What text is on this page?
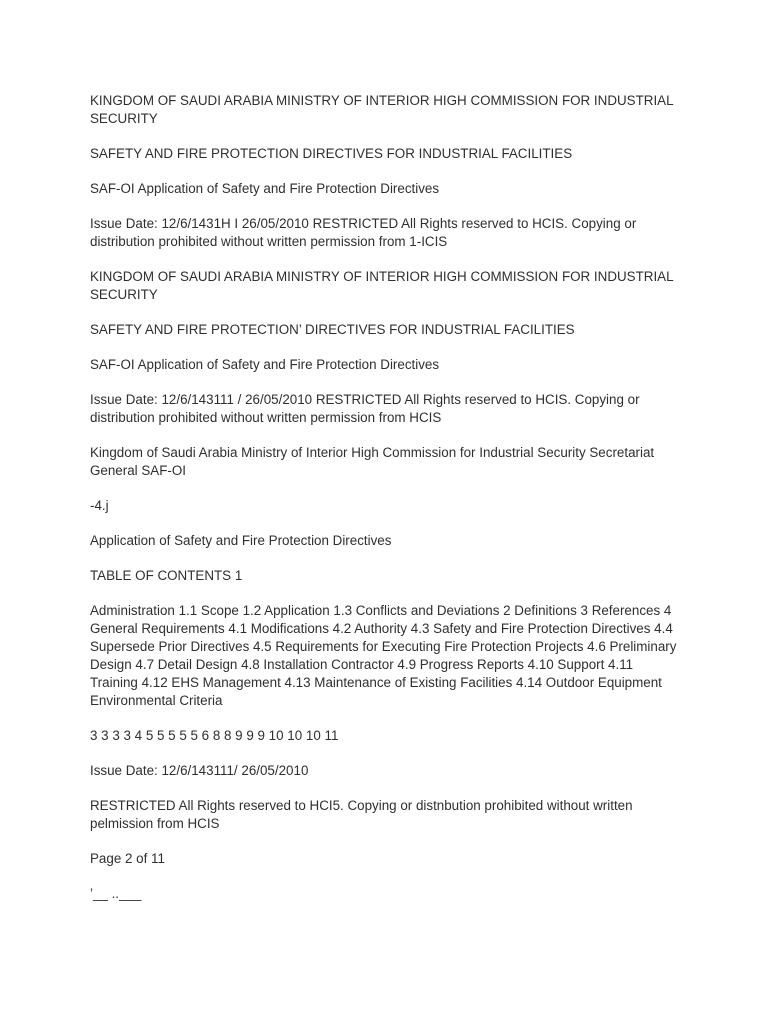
KINGDOM OF SAUDI ARABIA MINISTRY OF INTERIOR HIGH COMMISSION FOR INDUSTRIAL SECURITY

SAFETY AND FIRE PROTECTION DIRECTIVES FOR INDUSTRIAL FACILITIES

SAF-OI Application of Safety and Fire Protection Directives

Issue Date: 12/6/1431H I 26/05/2010 RESTRICTED All Rights reserved to HCIS. Copying or distribution prohibited without written permission from 1-ICIS

KINGDOM OF SAUDI ARABIA MINISTRY OF INTERIOR HIGH COMMISSION FOR INDUSTRIAL SECURITY

SAFETY AND FIRE PROTECTION’ DIRECTIVES FOR INDUSTRIAL FACILITIES

SAF-OI Application of Safety and Fire Protection Directives

Issue Date: 12/6/143111 / 26/05/2010 RESTRICTED All Rights reserved to HCIS. Copying or distribution prohibited without written permission from HCIS

Kingdom of Saudi Arabia Ministry of Interior High Commission for Industrial Security Secretariat General SAF-OI

-4.j

Application of Safety and Fire Protection Directives

TABLE OF CONTENTS 1

Administration 1.1 Scope 1.2 Application 1.3 Conflicts and Deviations 2 Definitions 3 References 4 General Requirements 4.1 Modifications 4.2 Authority 4.3 Safety and Fire Protection Directives 4.4 Supersede Prior Directives 4.5 Requirements for Executing Fire Protection Projects 4.6 Preliminary Design 4.7 Detail Design 4.8 Installation Contractor 4.9 Progress Reports 4.10 Support 4.11 Training 4.12 EHS Management 4.13 Maintenance of Existing Facilities 4.14 Outdoor Equipment Environmental Criteria

3 3 3 3 4 5 5 5 5 5 6 8 8 9 9 9 10 10 10 11

Issue Date: 12/6/143111/ 26/05/2010

RESTRICTED All Rights reserved to HCI5. Copying or distnbution prohibited without written pelmission from HCIS

Page 2 of 11

’__ ..___
